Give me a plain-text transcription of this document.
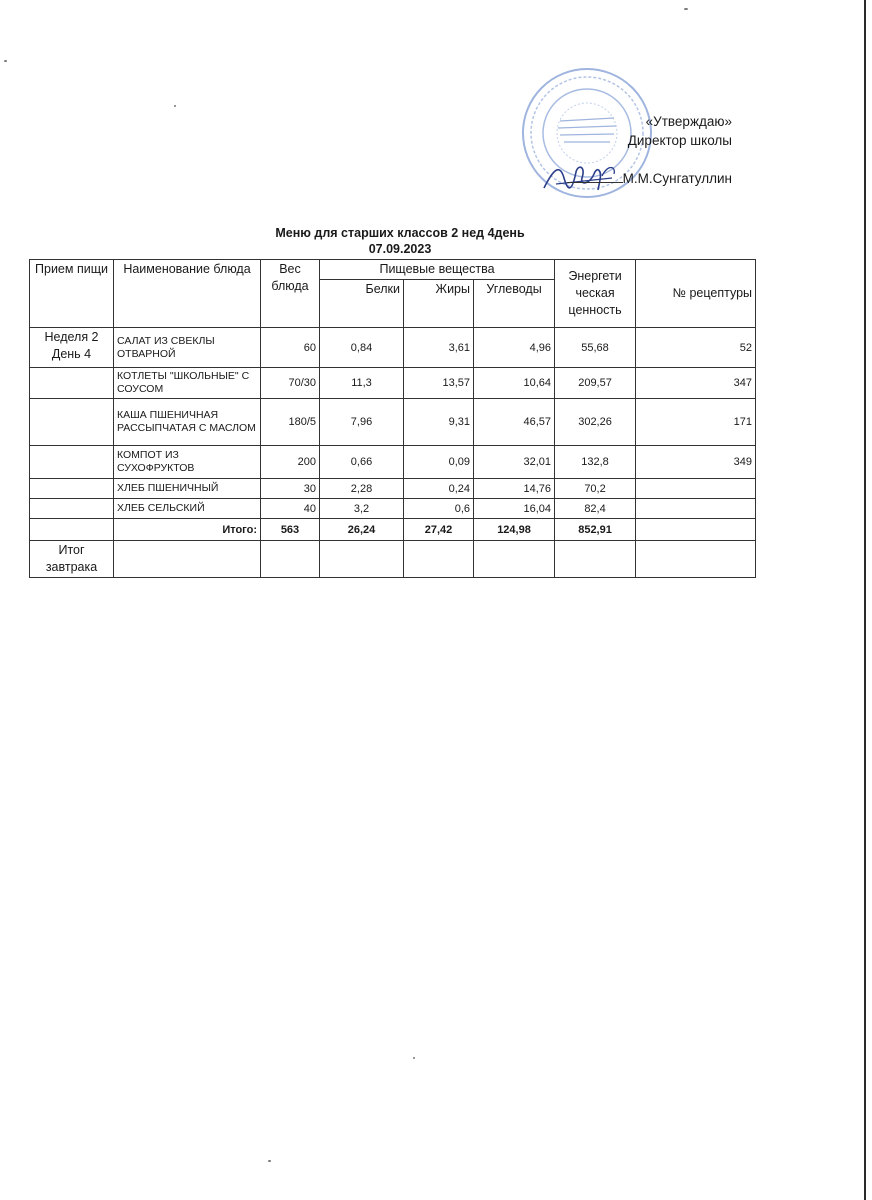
«Утверждаю»
Директор школы
М.М.Сунгатуллин
Меню для старших классов 2 нед 4день
07.09.2023
Прием пищи	Наименование блюда	Вес блюда	Пищевые вещества			Энергети ческая ценность	№ рецептуры
			Белки	Жиры	Углеводы		
Неделя 2 День 4	САЛАТ ИЗ СВЕКЛЫ ОТВАРНОЙ	60	0,84	3,61	4,96	55,68	52
	КОТЛЕТЫ "ШКОЛЬНЫЕ" С СОУСОМ	70/30	11,3	13,57	10,64	209,57	347
	КАША ПШЕНИЧНАЯ РАССЫПЧАТАЯ С МАСЛОМ	180/5	7,96	9,31	46,57	302,26	171
	КОМПОТ ИЗ СУХОФРУКТОВ	200	0,66	0,09	32,01	132,8	349
	ХЛЕБ ПШЕНИЧНЫЙ	30	2,28	0,24	14,76	70,2	
	ХЛЕБ СЕЛЬСКИЙ	40	3,2	0,6	16,04	82,4	
	Итого:	563	26,24	27,42	124,98	852,91	
Итог завтрака							
